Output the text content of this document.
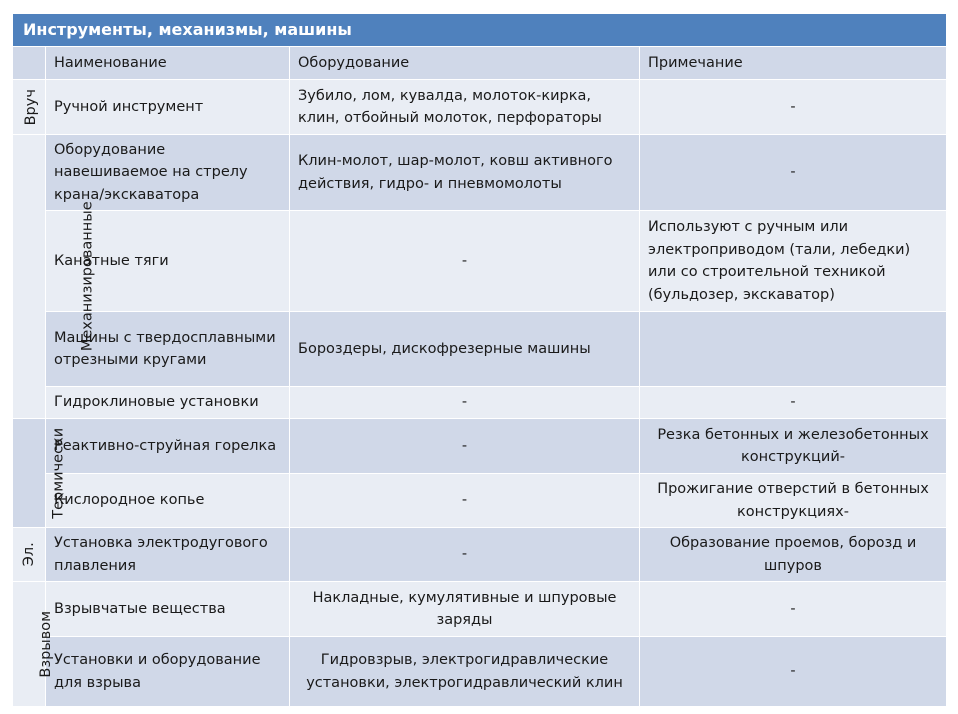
Инструменты, механизмы, машины			
	Наименование	Оборудование	Примечание
Вруч	Ручной инструмент	Зубило, лом, кувалда, молоток-кирка, клин, отбойный молоток, перфораторы	-
Механизированные	Оборудование навешиваемое на стрелу крана/экскаватора	Клин-молот, шар-молот, ковш активного действия, гидро- и пневмомолоты	-
	Канатные тяги	-	Используют с ручным или электроприводом (тали, лебедки) или со строительной техникой (бульдозер, экскаватор)
	Машины с твердосплавными отрезными кругами	Бороздеры, дискофрезерные машины	
	Гидроклиновые установки	-	-
Термически	Реактивно-струйная горелка	-	Резка бетонных и железобетонных конструкций-
	Кислородное копье	-	Прожигание отверстий в бетонных конструкциях-
Эл.	Установка электродугового плавления	-	Образование проемов, борозд и шпуров
Взрывом	Взрывчатые вещества	Накладные, кумулятивные и шпуровые заряды	-
	Установки и оборудование для взрыва	Гидровзрыв, электрогидравлические установки, электрогидравлический клин	-
